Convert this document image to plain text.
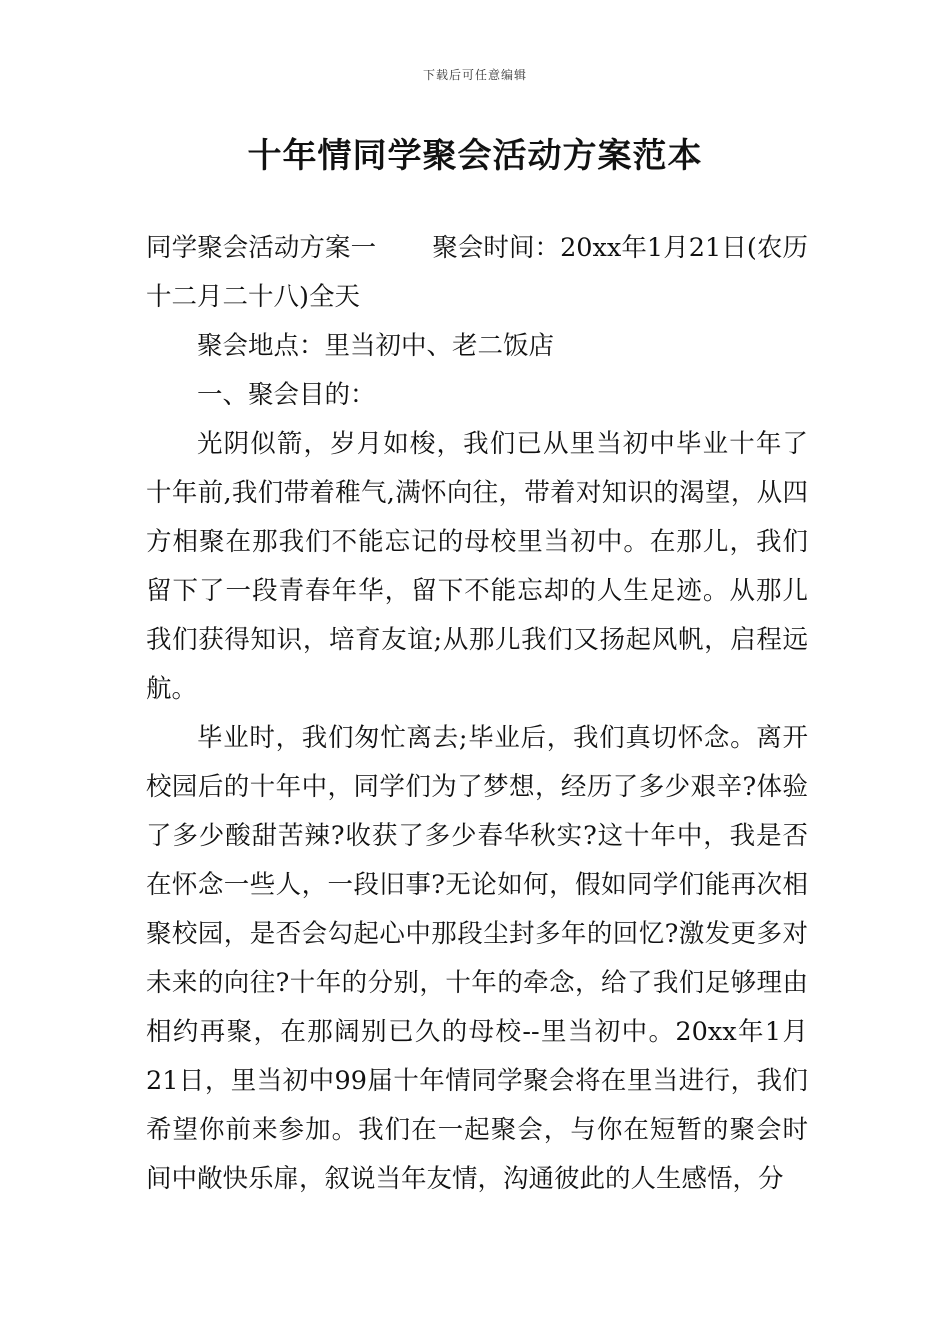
下载后可任意编辑
十年情同学聚会活动方案范本

同学聚会活动方案一 聚会时间：20xx年1月21日(农历十二月二十八)全天

聚会地点：里当初中、老二饭店

一、聚会目的：

光阴似箭，岁月如梭，我们已从里当初中毕业十年了十年前,我们带着稚气,满怀向往，带着对知识的渴望，从四方相聚在那我们不能忘记的母校里当初中。在那儿，我们留下了一段青春年华，留下不能忘却的人生足迹。从那儿我们获得知识，培育友谊;从那儿我们又扬起风帆，启程远航。

毕业时，我们匆忙离去;毕业后，我们真切怀念。离开校园后的十年中，同学们为了梦想，经历了多少艰辛?体验了多少酸甜苦辣?收获了多少春华秋实?这十年中，我是否在怀念一些人，一段旧事?无论如何，假如同学们能再次相聚校园，是否会勾起心中那段尘封多年的回忆?激发更多对未来的向往?十年的分别，十年的牵念，给了我们足够理由相约再聚，在那阔别已久的母校--里当初中。20xx年1月21日，里当初中99届十年情同学聚会将在里当进行，我们希望你前来参加。我们在一起聚会，与你在短暂的聚会时间中敞快乐扉，叙说当年友情，沟通彼此的人生感悟，分
